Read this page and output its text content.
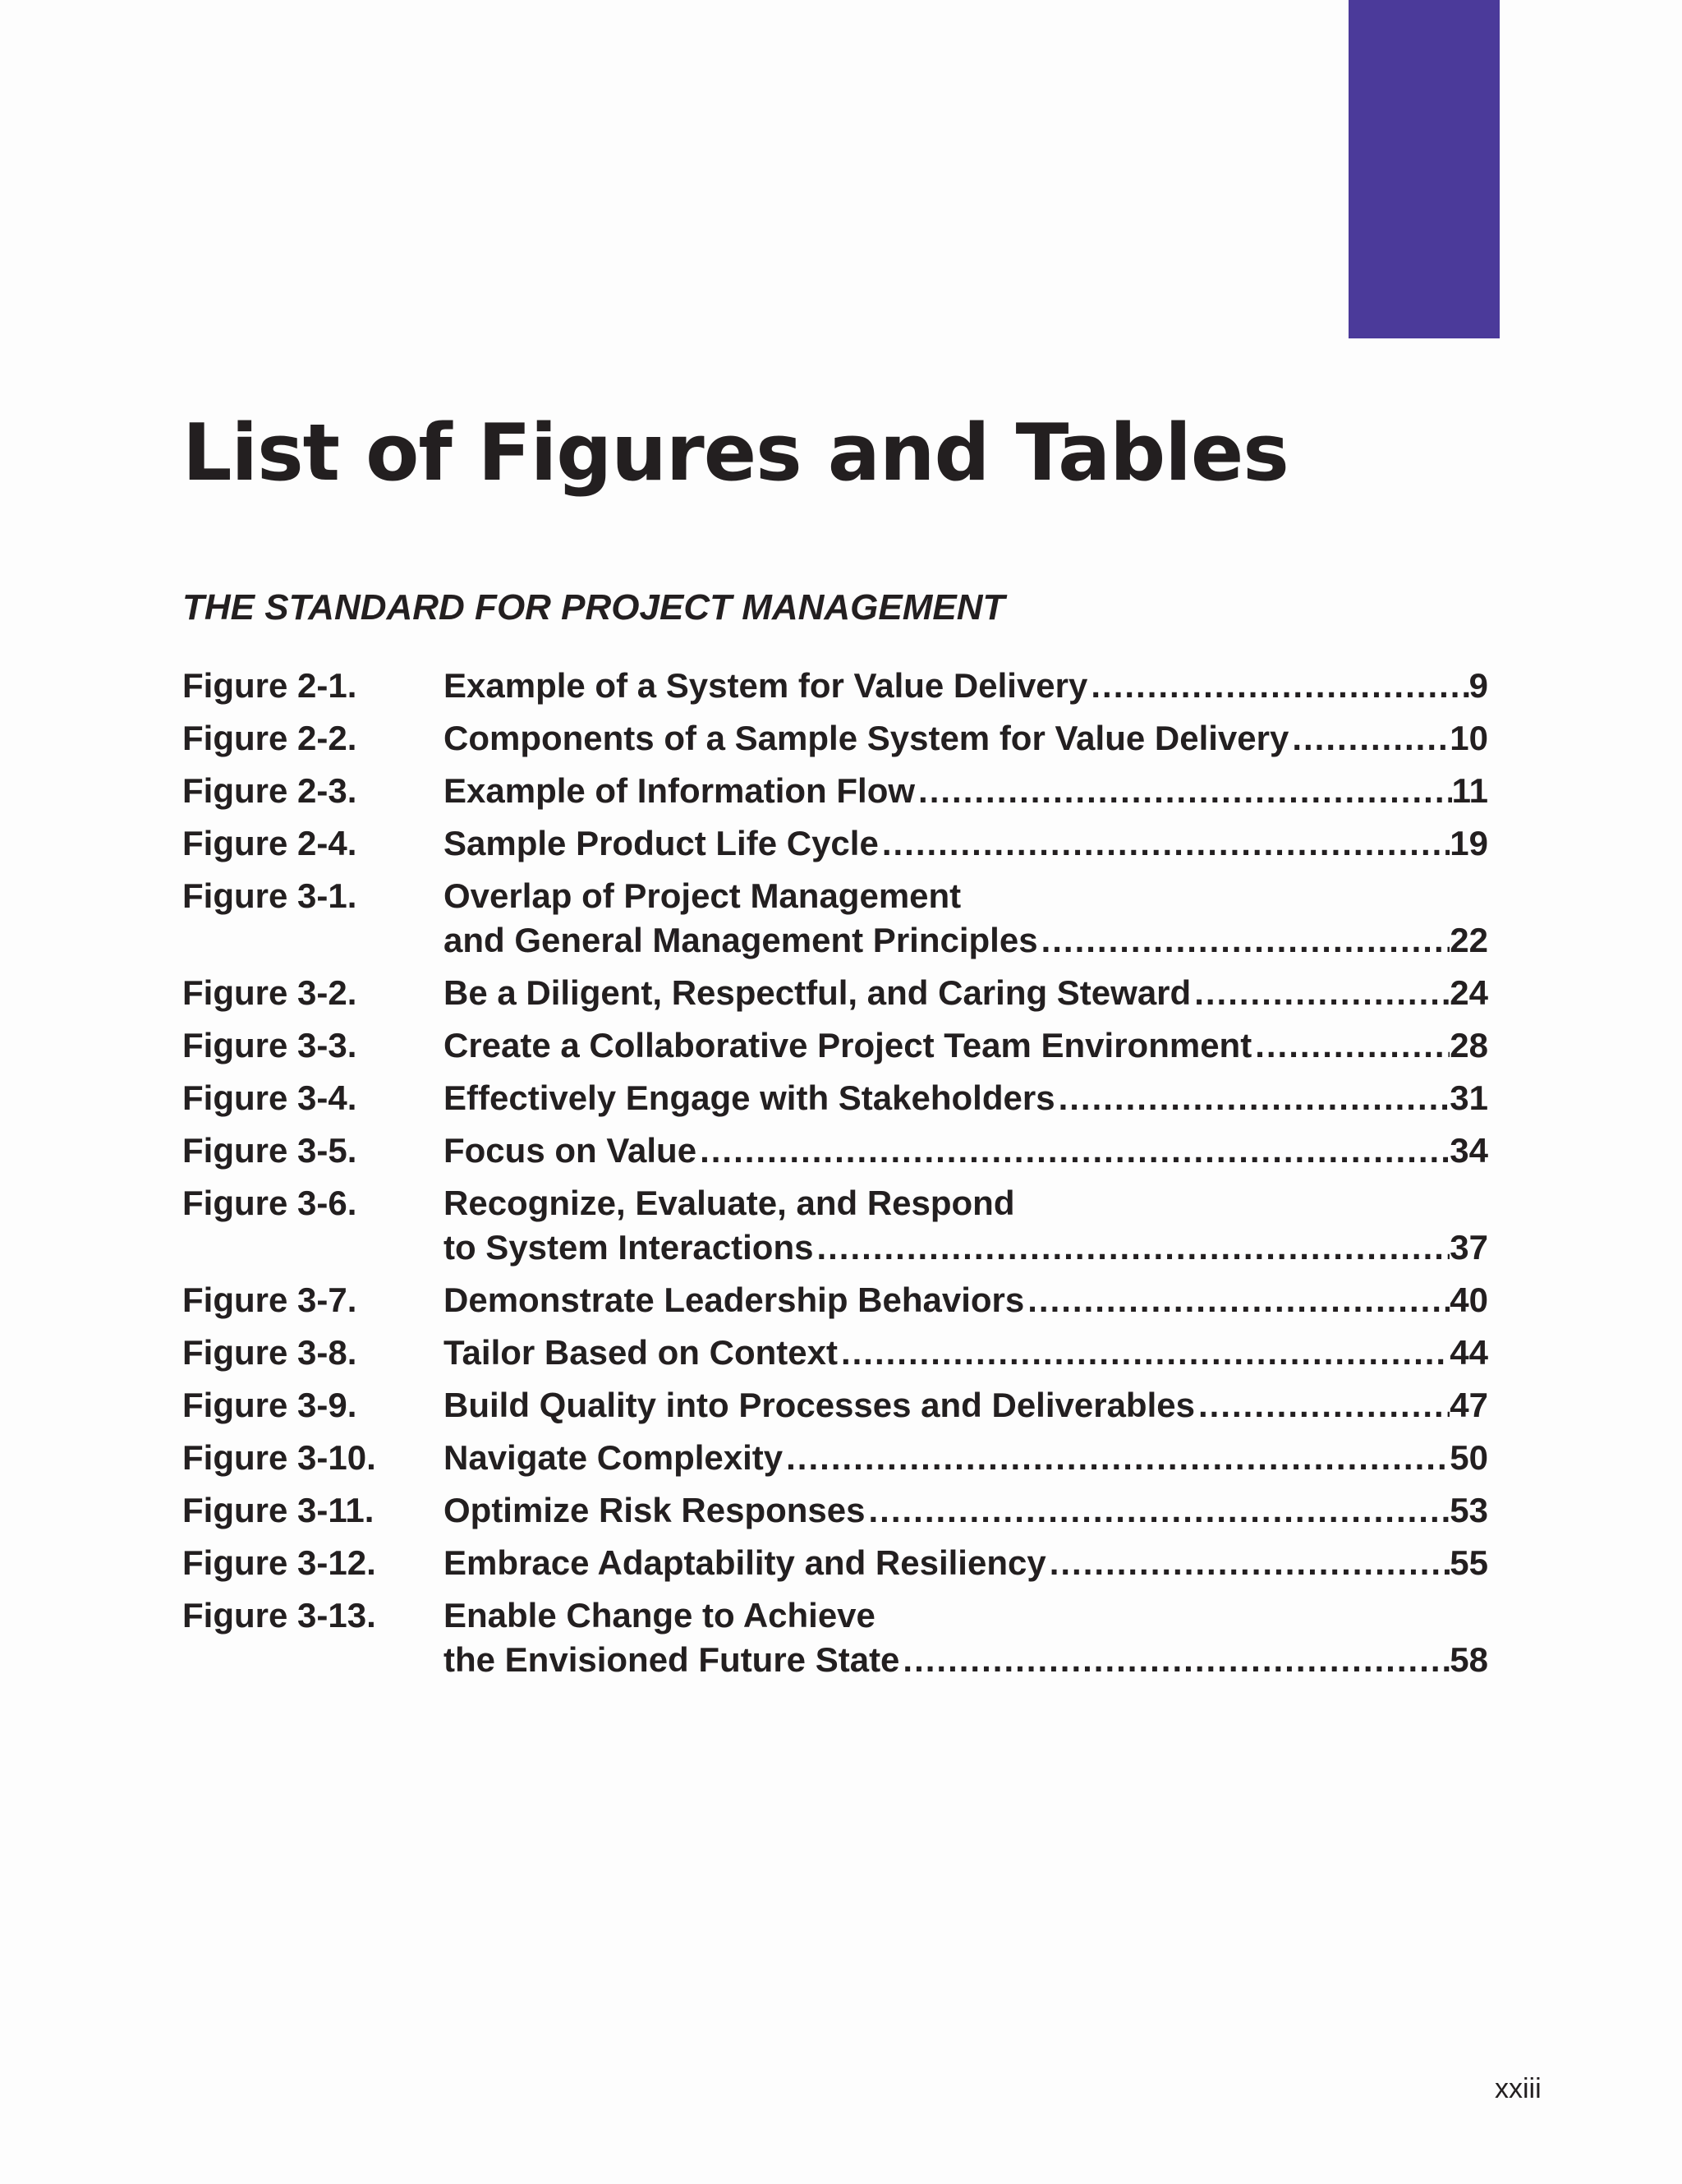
List of Figures and Tables
THE STANDARD FOR PROJECT MANAGEMENT
Figure 2-1.	Example of a System for Value Delivery .....	9
Figure 2-2.	Components of a Sample System for Value Delivery .....	10
Figure 2-3.	Example of Information Flow .....	11
Figure 2-4.	Sample Product Life Cycle .....	19
Figure 3-1.	Overlap of Project Management
and General Management Principles .....	22
Figure 3-2.	Be a Diligent, Respectful, and Caring Steward .....	24
Figure 3-3.	Create a Collaborative Project Team Environment .....	28
Figure 3-4.	Effectively Engage with Stakeholders .....	31
Figure 3-5.	Focus on Value .....	34
Figure 3-6.	Recognize, Evaluate, and Respond
to System Interactions .....	37
Figure 3-7.	Demonstrate Leadership Behaviors .....	40
Figure 3-8.	Tailor Based on Context .....	44
Figure 3-9.	Build Quality into Processes and Deliverables .....	47
Figure 3-10.	Navigate Complexity .....	50
Figure 3-11.	Optimize Risk Responses .....	53
Figure 3-12.	Embrace Adaptability and Resiliency .....	55
Figure 3-13.	Enable Change to Achieve
the Envisioned Future State .....	58
xxiii
